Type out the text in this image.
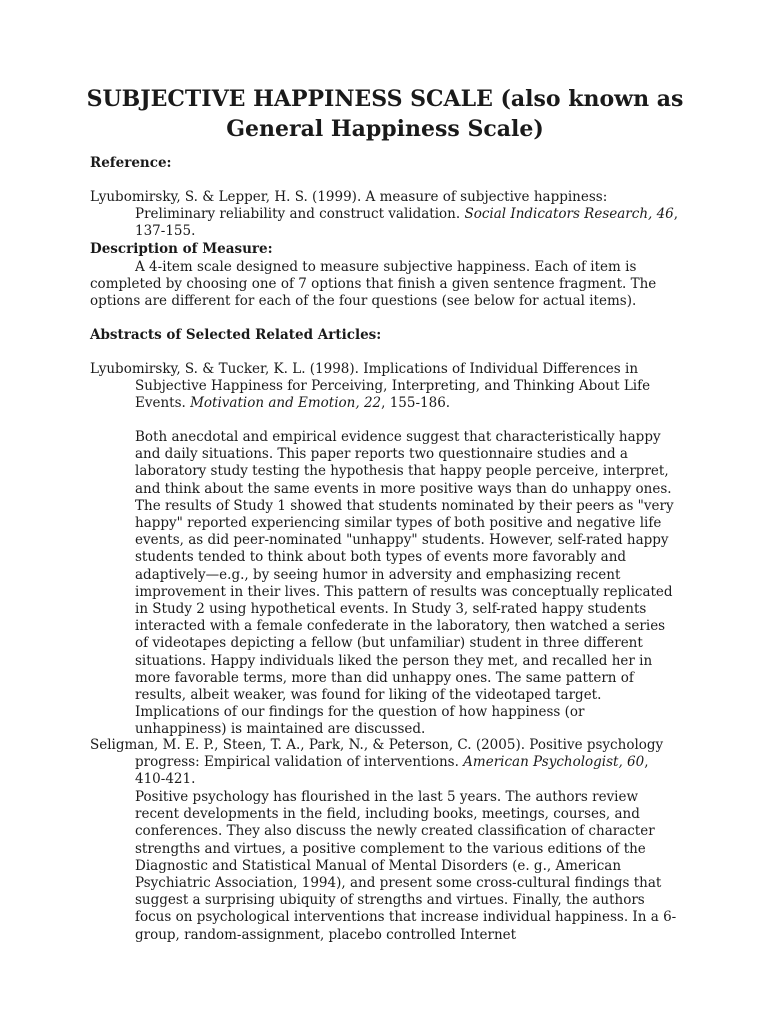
SUBJECTIVE HAPPINESS SCALE (also known as General Happiness Scale)

Reference:

Lyubomirsky, S. & Lepper, H. S. (1999). A measure of subjective happiness: Preliminary reliability and construct validation. Social Indicators Research, 46, 137-155.

Description of Measure:

A 4-item scale designed to measure subjective happiness. Each of item is completed by choosing one of 7 options that finish a given sentence fragment. The options are different for each of the four questions (see below for actual items).

Abstracts of Selected Related Articles:

Lyubomirsky, S. & Tucker, K. L. (1998). Implications of Individual Differences in Subjective Happiness for Perceiving, Interpreting, and Thinking About Life Events. Motivation and Emotion, 22, 155-186.

Both anecdotal and empirical evidence suggest that characteristically happy and daily situations. This paper reports two questionnaire studies and a laboratory study testing the hypothesis that happy people perceive, interpret, and think about the same events in more positive ways than do unhappy ones. The results of Study 1 showed that students nominated by their peers as "very happy" reported experiencing similar types of both positive and negative life events, as did peer-nominated "unhappy" students. However, self-rated happy students tended to think about both types of events more favorably and adaptively—e.g., by seeing humor in adversity and emphasizing recent improvement in their lives. This pattern of results was conceptually replicated in Study 2 using hypothetical events. In Study 3, self-rated happy students interacted with a female confederate in the laboratory, then watched a series of videotapes depicting a fellow (but unfamiliar) student in three different situations. Happy individuals liked the person they met, and recalled her in more favorable terms, more than did unhappy ones. The same pattern of results, albeit weaker, was found for liking of the videotaped target. Implications of our findings for the question of how happiness (or unhappiness) is maintained are discussed.

Seligman, M. E. P., Steen, T. A., Park, N., & Peterson, C. (2005). Positive psychology progress: Empirical validation of interventions. American Psychologist, 60, 410-421.

Positive psychology has flourished in the last 5 years. The authors review recent developments in the field, including books, meetings, courses, and conferences. They also discuss the newly created classification of character strengths and virtues, a positive complement to the various editions of the Diagnostic and Statistical Manual of Mental Disorders (e. g., American Psychiatric Association, 1994), and present some cross-cultural findings that suggest a surprising ubiquity of strengths and virtues. Finally, the authors focus on psychological interventions that increase individual happiness. In a 6-group, random-assignment, placebo controlled Internet
